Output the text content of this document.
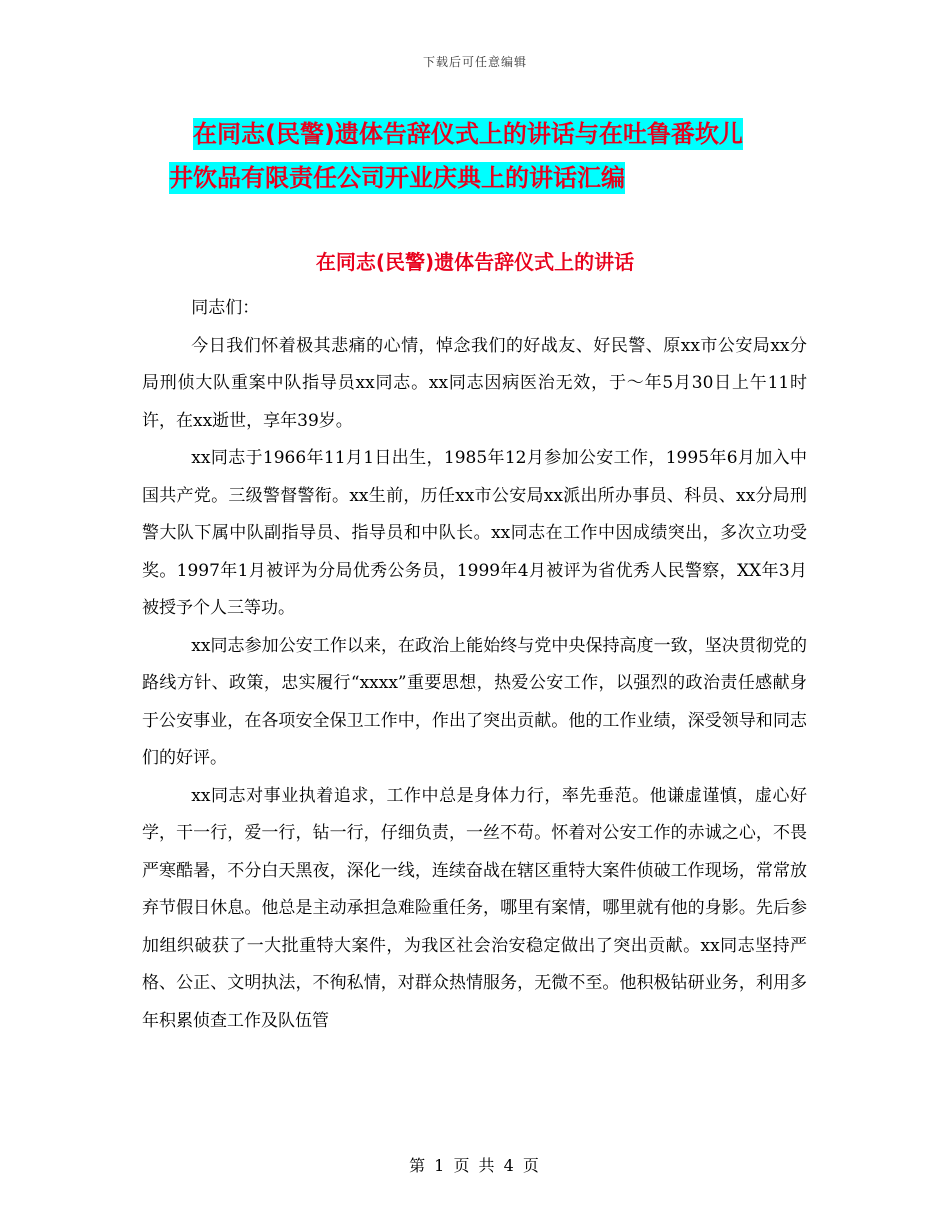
下载后可任意编辑
在同志(民警)遗体告辞仪式上的讲话与在吐鲁番坎儿
井饮品有限责任公司开业庆典上的讲话汇编
在同志(民警)遗体告辞仪式上的讲话

同志们：

今日我们怀着极其悲痛的心情，悼念我们的好战友、好民警、原xx市公安局xx分局刑侦大队重案中队指导员xx同志。xx同志因病医治无效，于～年5月30日上午11时许，在xx逝世，享年39岁。

xx同志于1966年11月1日出生，1985年12月参加公安工作，1995年6月加入中国共产党。三级警督警衔。xx生前，历任xx市公安局xx派出所办事员、科员、xx分局刑警大队下属中队副指导员、指导员和中队长。xx同志在工作中因成绩突出，多次立功受奖。1997年1月被评为分局优秀公务员，1999年4月被评为省优秀人民警察，XX年3月被授予个人三等功。

xx同志参加公安工作以来，在政治上能始终与党中央保持高度一致，坚决贯彻党的路线方针、政策，忠实履行“xxxx”重要思想，热爱公安工作，以强烈的政治责任感献身于公安事业，在各项安全保卫工作中，作出了突出贡献。他的工作业绩，深受领导和同志们的好评。

xx同志对事业执着追求，工作中总是身体力行，率先垂范。他谦虚谨慎，虚心好学，干一行，爱一行，钻一行，仔细负责，一丝不苟。怀着对公安工作的赤诚之心，不畏严寒酷暑，不分白天黑夜，深化一线，连续奋战在辖区重特大案件侦破工作现场，常常放弃节假日休息。他总是主动承担急难险重任务，哪里有案情，哪里就有他的身影。先后参加组织破获了一大批重特大案件，为我区社会治安稳定做出了突出贡献。xx同志坚持严格、公正、文明执法，不徇私情，对群众热情服务，无微不至。他积极钻研业务，利用多年积累侦查工作及队伍管

第 1 页 共 4 页
